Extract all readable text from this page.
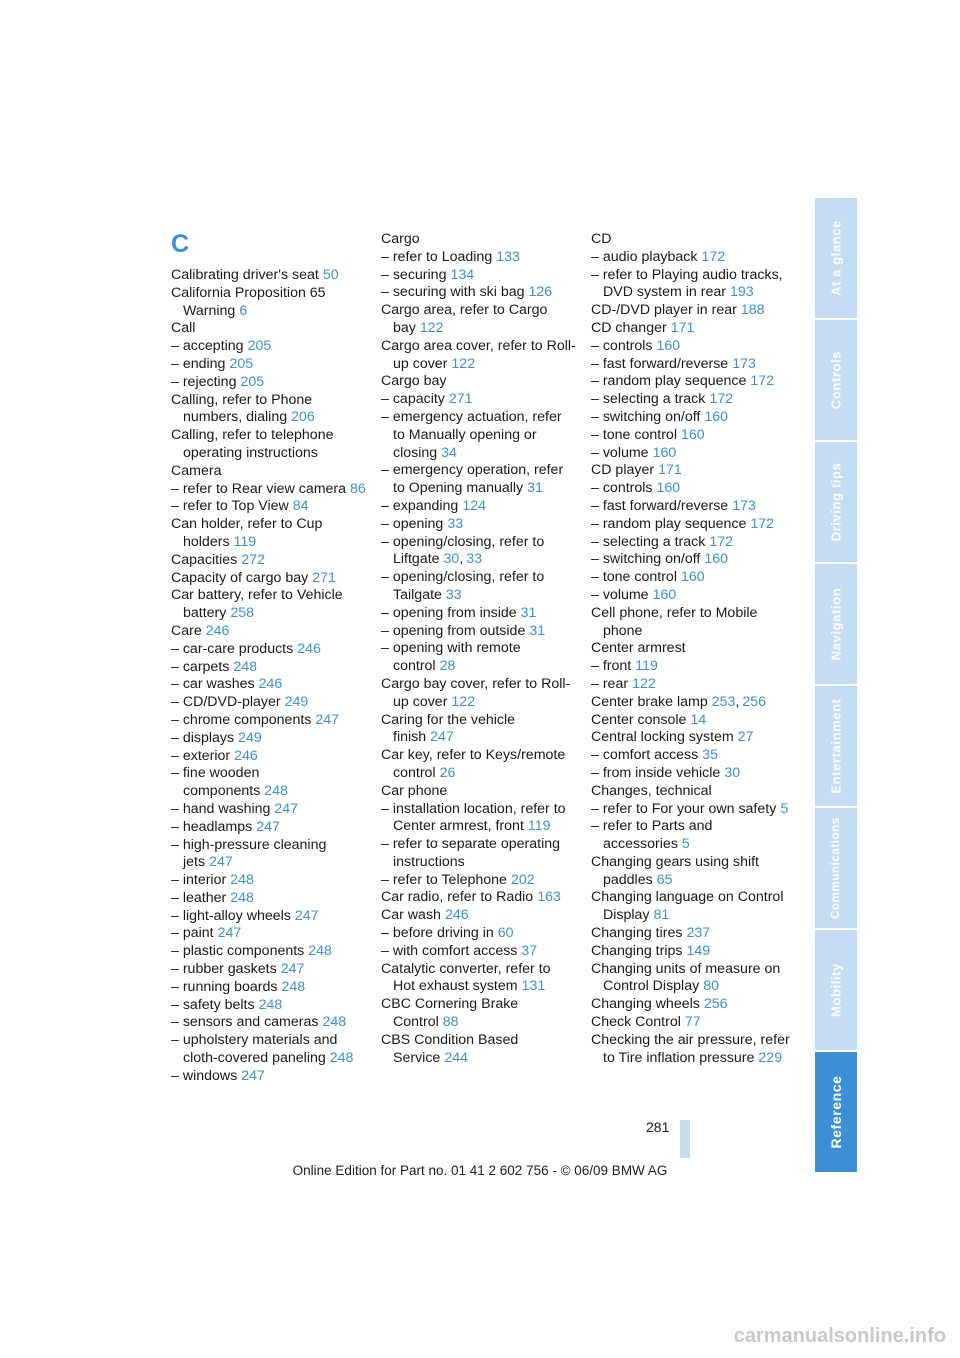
C
Calibrating driver's seat 50
California Proposition 65 Warning 6
Call
– accepting 205
– ending 205
– rejecting 205
Calling, refer to Phone numbers, dialing 206
Calling, refer to telephone operating instructions
Camera
– refer to Rear view camera 86
– refer to Top View 84
Can holder, refer to Cup holders 119
Capacities 272
Capacity of cargo bay 271
Car battery, refer to Vehicle battery 258
Care 246
– car-care products 246
– carpets 248
– car washes 246
– CD/DVD-player 249
– chrome components 247
– displays 249
– exterior 246
– fine wooden components 248
– hand washing 247
– headlamps 247
– high-pressure cleaning jets 247
– interior 248
– leather 248
– light-alloy wheels 247
– paint 247
– plastic components 248
– rubber gaskets 247
– running boards 248
– safety belts 248
– sensors and cameras 248
– upholstery materials and cloth-covered paneling 248
– windows 247
Cargo
– refer to Loading 133
– securing 134
– securing with ski bag 126
Cargo area, refer to Cargo bay 122
Cargo area cover, refer to Roll-up cover 122
Cargo bay
– capacity 271
– emergency actuation, refer to Manually opening or closing 34
– emergency operation, refer to Opening manually 31
– expanding 124
– opening 33
– opening/closing, refer to Liftgate 30, 33
– opening/closing, refer to Tailgate 33
– opening from inside 31
– opening from outside 31
– opening with remote control 28
Cargo bay cover, refer to Roll-up cover 122
Caring for the vehicle finish 247
Car key, refer to Keys/remote control 26
Car phone
– installation location, refer to Center armrest, front 119
– refer to separate operating instructions
– refer to Telephone 202
Car radio, refer to Radio 163
Car wash 246
– before driving in 60
– with comfort access 37
Catalytic converter, refer to Hot exhaust system 131
CBC Cornering Brake Control 88
CBS Condition Based Service 244
CD
– audio playback 172
– refer to Playing audio tracks, DVD system in rear 193
CD-/DVD player in rear 188
CD changer 171
– controls 160
– fast forward/reverse 173
– random play sequence 172
– selecting a track 172
– switching on/off 160
– tone control 160
– volume 160
CD player 171
– controls 160
– fast forward/reverse 173
– random play sequence 172
– selecting a track 172
– switching on/off 160
– tone control 160
– volume 160
Cell phone, refer to Mobile phone
Center armrest
– front 119
– rear 122
Center brake lamp 253, 256
Center console 14
Central locking system 27
– comfort access 35
– from inside vehicle 30
Changes, technical
– refer to For your own safety 5
– refer to Parts and accessories 5
Changing gears using shift paddles 65
Changing language on Control Display 81
Changing tires 237
Changing trips 149
Changing units of measure on Control Display 80
Changing wheels 256
Check Control 77
Checking the air pressure, refer to Tire inflation pressure 229
At a glance
Controls
Driving tips
Navigation
Entertainment
Communications
Mobility
Reference
281
Online Edition for Part no. 01 41 2 602 756 - © 06/09 BMW AG
carmanualsonline.info
